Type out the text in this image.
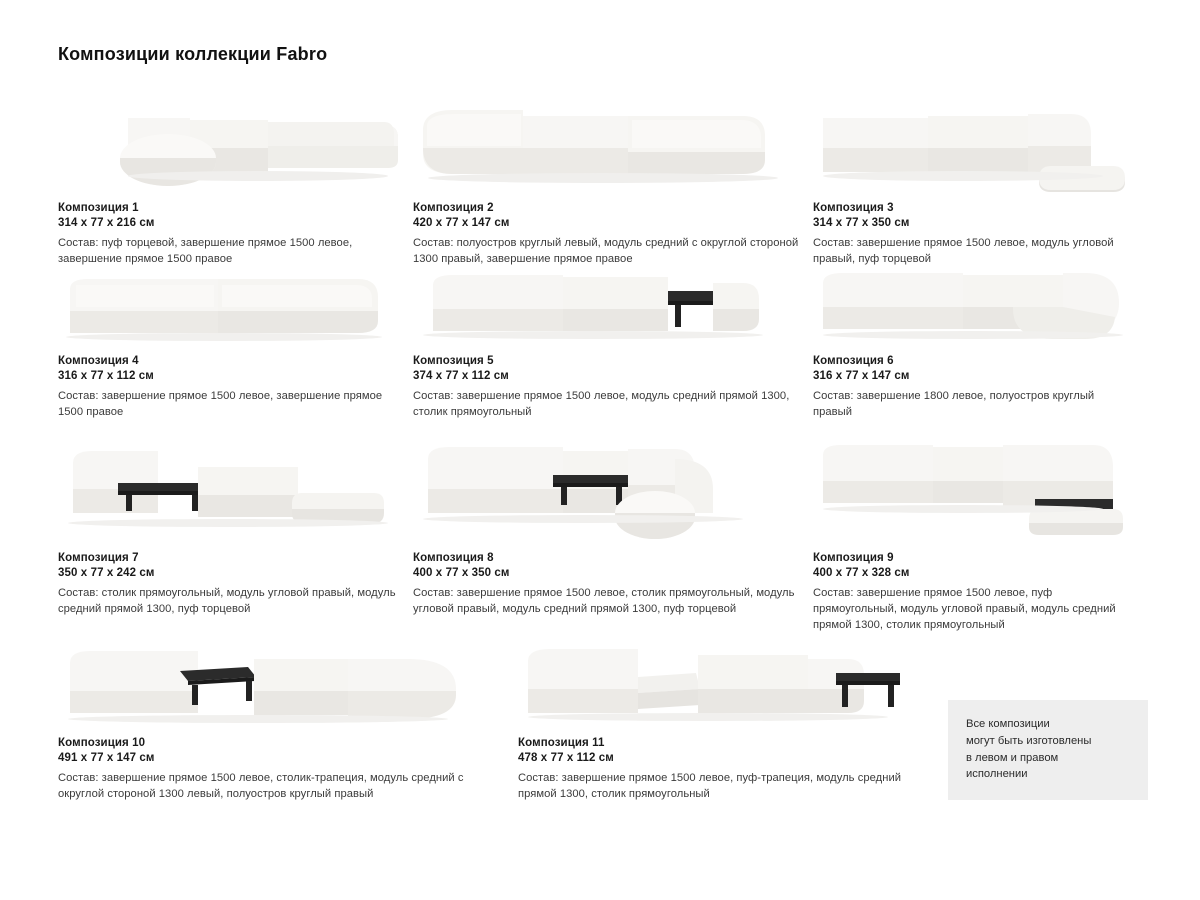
Композиции коллекции Fabro
Композиция 1
314 x 77 x 216 см
Состав: пуф торцевой, завершение прямое 1500 левое, завершение прямое 1500 правое
Композиция 2
420 x 77 x 147 см
Состав: полуостров круглый левый, модуль средний с округлой стороной 1300 правый, завершение прямое правое
Композиция 3
314 x 77 x 350 см
Состав: завершение прямое 1500 левое, модуль угловой правый, пуф торцевой
Композиция 4
316 x 77 x 112 см
Состав: завершение прямое 1500 левое, завершение прямое 1500 правое
Композиция 5
374 x 77 x 112 см
Состав: завершение прямое 1500 левое, модуль средний прямой 1300, столик прямоугольный
Композиция 6
316 x 77 x 147 см
Состав: завершение 1800 левое, полуостров круглый правый
Композиция 7
350 x 77 x 242 см
Состав: столик прямоугольный, модуль угловой правый, модуль средний прямой 1300, пуф торцевой
Композиция 8
400 x 77 x 350 см
Состав: завершение прямое 1500 левое, столик прямоугольный, модуль угловой правый, модуль средний прямой 1300, пуф торцевой
Композиция 9
400 x 77 x 328 см
Состав: завершение прямое 1500 левое, пуф прямоугольный, модуль угловой правый, модуль средний прямой 1300, столик прямоугольный
Композиция 10
491 x 77 x 147 см
Состав: завершение прямое 1500 левое, столик-трапеция, модуль средний с округлой стороной 1300 левый, полуостров круглый правый
Композиция 11
478 x 77 x 112 см
Состав: завершение прямое 1500 левое, пуф-трапеция, модуль средний прямой 1300, столик прямоугольный
Все композиции
могут быть изготовлены
в левом и правом
исполнении
